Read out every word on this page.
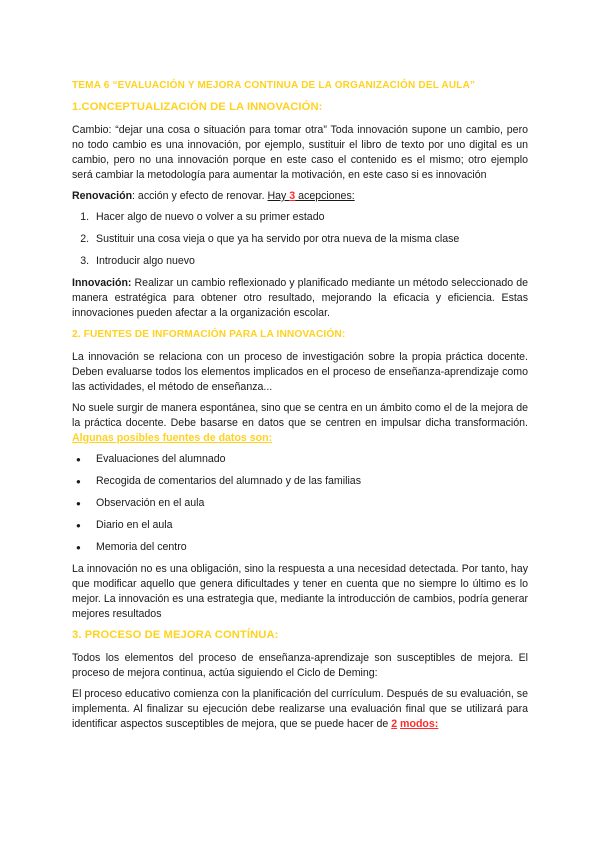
TEMA 6 “EVALUACIÓN Y MEJORA CONTINUA DE LA ORGANIZACIÓN DEL AULA”
1.CONCEPTUALIZACIÓN DE LA INNOVACIÓN:

Cambio: “dejar una cosa o situación para tomar otra” Toda innovación supone un cambio, pero no todo cambio es una innovación, por ejemplo, sustituir el libro de texto por uno digital es un cambio, pero no una innovación porque en este caso el contenido es el mismo; otro ejemplo será cambiar la metodología para aumentar la motivación, en este caso si es innovación

Renovación: acción y efecto de renovar. Hay 3 acepciones:

1. Hacer algo de nuevo o volver a su primer estado
2. Sustituir una cosa vieja o que ya ha servido por otra nueva de la misma clase
3. Introducir algo nuevo

Innovación: Realizar un cambio reflexionado y planificado mediante un método seleccionado de manera estratégica para obtener otro resultado, mejorando la eficacia y eficiencia. Estas innovaciones pueden afectar a la organización escolar.

2. FUENTES DE INFORMACIÓN PARA LA INNOVACIÓN:

La innovación se relaciona con un proceso de investigación sobre la propia práctica docente. Deben evaluarse todos los elementos implicados en el proceso de enseñanza-aprendizaje como las actividades, el método de enseñanza...

No suele surgir de manera espontánea, sino que se centra en un ámbito como el de la mejora de la práctica docente. Debe basarse en datos que se centren en impulsar dicha transformación. Algunas posibles fuentes de datos son:

● Evaluaciones del alumnado
● Recogida de comentarios del alumnado y de las familias
● Observación en el aula
● Diario en el aula
● Memoria del centro

La innovación no es una obligación, sino la respuesta a una necesidad detectada. Por tanto, hay que modificar aquello que genera dificultades y tener en cuenta que no siempre lo último es lo mejor. La innovación es una estrategia que, mediante la introducción de cambios, podría generar mejores resultados

3. PROCESO DE MEJORA CONTÍNUA:

Todos los elementos del proceso de enseñanza-aprendizaje son susceptibles de mejora. El proceso de mejora continua, actúa siguiendo el Ciclo de Deming:

El proceso educativo comienza con la planificación del currículum. Después de su evaluación, se implementa. Al finalizar su ejecución debe realizarse una evaluación final que se utilizará para identificar aspectos susceptibles de mejora, que se puede hacer de 2 modos:
